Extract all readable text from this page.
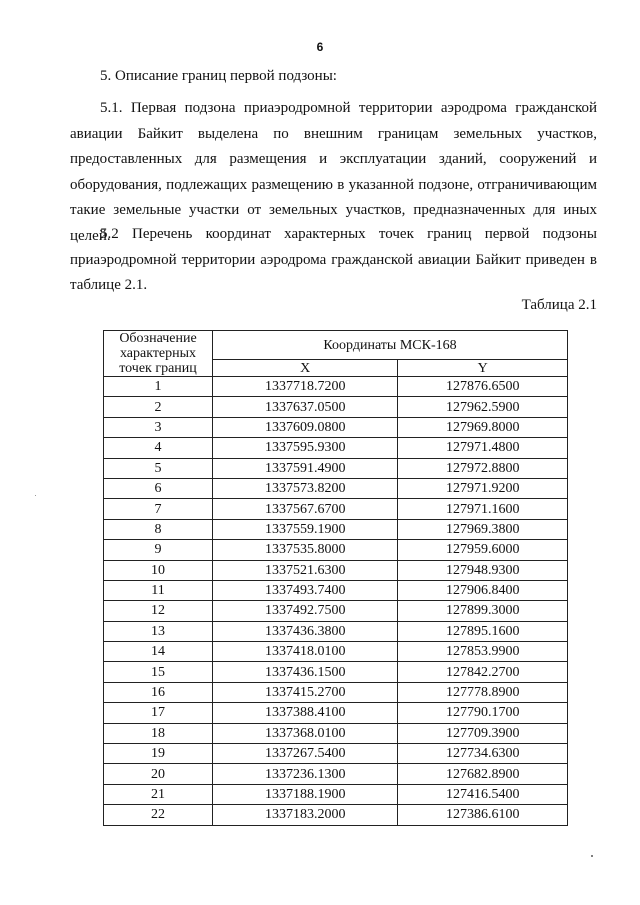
6

5. Описание границ первой подзоны:

5.1. Первая подзона приаэродромной территории аэродрома гражданской авиации Байкит выделена по внешним границам земельных участков, предоставленных для размещения и эксплуатации зданий, сооружений и оборудования, подлежащих размещению в указанной подзоне, отграничивающим такие земельные участки от земельных участков, предназначенных для иных целей.

5.2 Перечень координат характерных точек границ первой подзоны приаэродромной территории аэродрома гражданской авиации Байкит приведен в таблице 2.1.

Таблица 2.1
Обозначение характерных точек границ	Координаты МСК-168	
	X	Y
1	1337718.7200	127876.6500
2	1337637.0500	127962.5900
3	1337609.0800	127969.8000
4	1337595.9300	127971.4800
5	1337591.4900	127972.8800
6	1337573.8200	127971.9200
7	1337567.6700	127971.1600
8	1337559.1900	127969.3800
9	1337535.8000	127959.6000
10	1337521.6300	127948.9300
11	1337493.7400	127906.8400
12	1337492.7500	127899.3000
13	1337436.3800	127895.1600
14	1337418.0100	127853.9900
15	1337436.1500	127842.2700
16	1337415.2700	127778.8900
17	1337388.4100	127790.1700
18	1337368.0100	127709.3900
19	1337267.5400	127734.6300
20	1337236.1300	127682.8900
21	1337188.1900	127416.5400
22	1337183.2000	127386.6100
